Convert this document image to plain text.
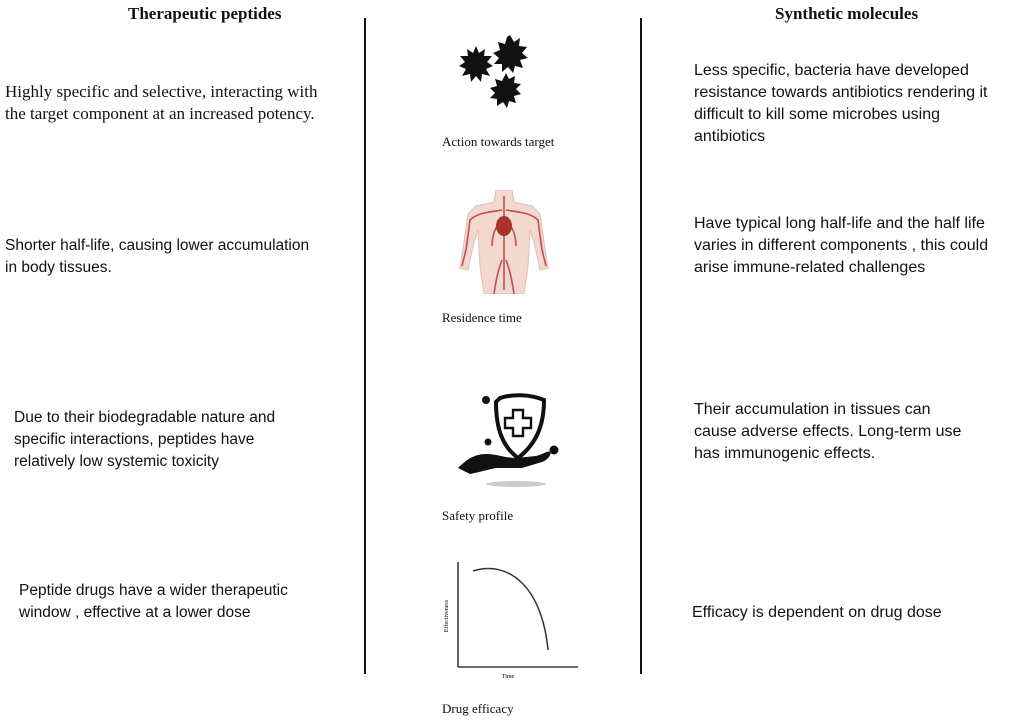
Therapeutic peptides	Synthetic molecules

Highly specific and selective, interacting with
the target component at an increased potency.

Action towards target

Less specific, bacteria have developed
resistance towards antibiotics rendering it
difficult to kill some microbes using
antibiotics

Shorter half-life, causing lower accumulation
in body tissues.

Residence time

Have typical long half-life and the half life
varies in different components , this could
arise immune-related challenges

Due to their biodegradable nature and
specific interactions, peptides have
relatively low systemic toxicity

Safety profile

Their accumulation in tissues can
cause adverse effects. Long-term use
has immunogenic effects.

Peptide drugs have a wider therapeutic
window , effective at a lower dose	Effectiveness
Time
Drug efficacy

Efficacy is dependent on drug dose
